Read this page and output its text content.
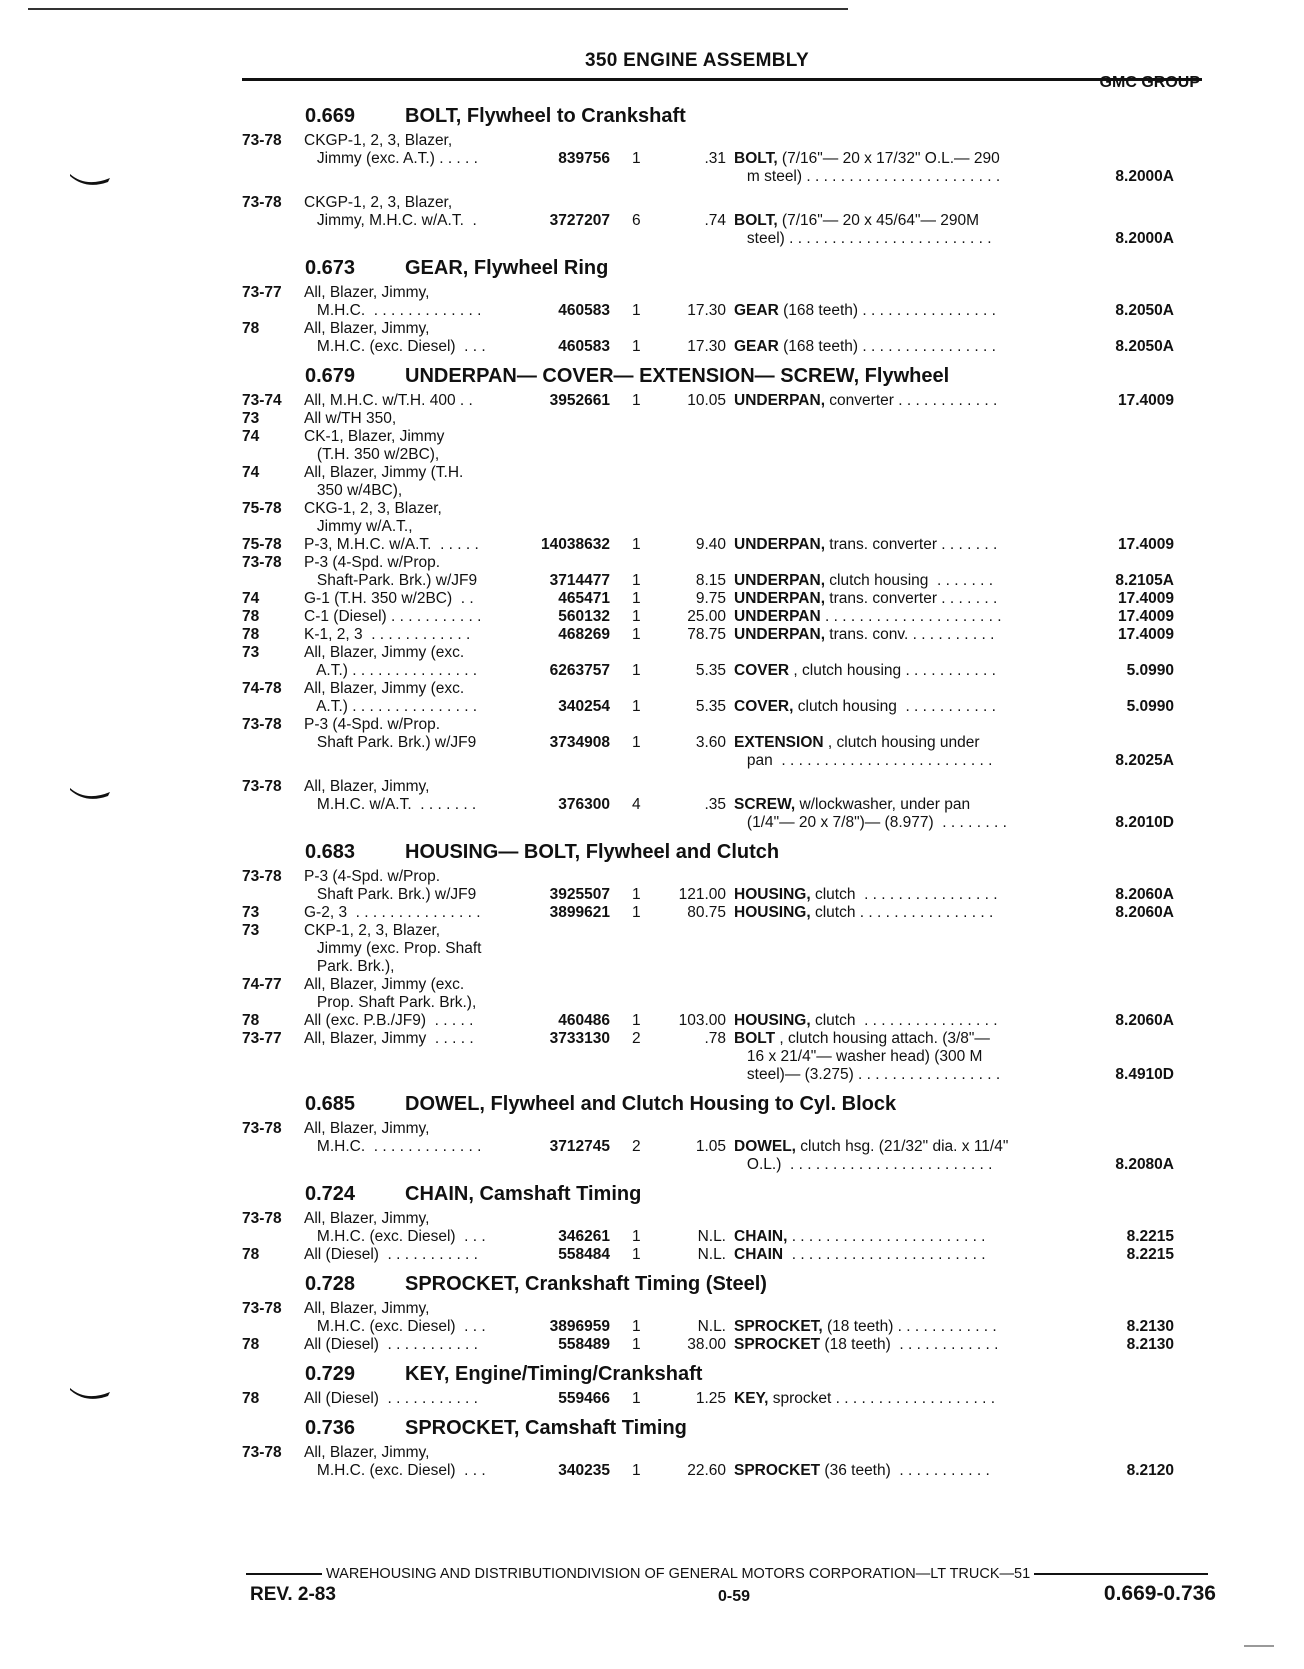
350 ENGINE ASSEMBLY
GMC GROUP
0.669	BOLT, Flywheel to Crankshaft
73-78	CKGP-1, 2, 3, Blazer,
Jimmy (exc. A.T.) . . . . .	839756	1	.31 BOLT, (7/16"— 20 x 17/32" O.L.— 290
m steel) . . . . . . . . . . . . . . . . . . . . . . .	8.2000A
73-78	CKGP-1, 2, 3, Blazer,
Jimmy, M.H.C. w/A.T.  .	3727207	6	.74 BOLT, (7/16"— 20 x 45/64"— 290M
steel) . . . . . . . . . . . . . . . . . . . . . . . .	8.2000A
0.673	GEAR, Flywheel Ring
73-77	All, Blazer, Jimmy,
M.H.C.  . . . . . . . . . . . . .	460583	1	17.30 GEAR (168 teeth) . . . . . . . . . . . . . . . .	8.2050A
78	All, Blazer, Jimmy,
M.H.C. (exc. Diesel)  . . .	460583	1	17.30 GEAR (168 teeth) . . . . . . . . . . . . . . . .	8.2050A
0.679	UNDERPAN— COVER— EXTENSION— SCREW, Flywheel
73-74	All, M.H.C. w/T.H. 400 . .	3952661	1	10.05 UNDERPAN, converter . . . . . . . . . . . .	17.4009
73	All w/TH 350,
74	CK-1, Blazer, Jimmy
(T.H. 350 w/2BC),
74	All, Blazer, Jimmy (T.H.
350 w/4BC),
75-78	CKG-1, 2, 3, Blazer,
Jimmy w/A.T.,
75-78	P-3, M.H.C. w/A.T.  . . . . .	14038632	1	9.40 UNDERPAN, trans. converter . . . . . . .	17.4009
73-78	P-3 (4-Spd. w/Prop.
Shaft-Park. Brk.) w/JF9	3714477	1	8.15 UNDERPAN, clutch housing  . . . . . . .	8.2105A
74	G-1 (T.H. 350 w/2BC)  . .	465471	1	9.75 UNDERPAN, trans. converter . . . . . . .	17.4009
78	C-1 (Diesel) . . . . . . . . . . .	560132	1	25.00 UNDERPAN . . . . . . . . . . . . . . . . . . . . .	17.4009
78	K-1, 2, 3  . . . . . . . . . . . .	468269	1	78.75 UNDERPAN, trans. conv. . . . . . . . . . .	17.4009
73	All, Blazer, Jimmy (exc.
A.T.) . . . . . . . . . . . . . . .	6263757	1	5.35 COVER , clutch housing . . . . . . . . . . .	5.0990
74-78	All, Blazer, Jimmy (exc.
A.T.) . . . . . . . . . . . . . . .	340254	1	5.35 COVER, clutch housing  . . . . . . . . . . .	5.0990
73-78	P-3 (4-Spd. w/Prop.
Shaft Park. Brk.) w/JF9	3734908	1	3.60 EXTENSION , clutch housing under
pan  . . . . . . . . . . . . . . . . . . . . . . . . .	8.2025A
73-78	All, Blazer, Jimmy,
M.H.C. w/A.T.  . . . . . . .	376300	4	.35 SCREW, w/lockwasher, under pan
(1/4"— 20 x 7/8")— (8.977)  . . . . . . . .	8.2010D
0.683	HOUSING— BOLT, Flywheel and Clutch
73-78	P-3 (4-Spd. w/Prop.
Shaft Park. Brk.) w/JF9	3925507	1	121.00 HOUSING, clutch  . . . . . . . . . . . . . . . .	8.2060A
73	G-2, 3  . . . . . . . . . . . . . . .	3899621	1	80.75 HOUSING, clutch . . . . . . . . . . . . . . . .	8.2060A
73	CKP-1, 2, 3, Blazer,
Jimmy (exc. Prop. Shaft
Park. Brk.),
74-77	All, Blazer, Jimmy (exc.
Prop. Shaft Park. Brk.),
78	All (exc. P.B./JF9)  . . . . .	460486	1	103.00 HOUSING, clutch  . . . . . . . . . . . . . . . .	8.2060A
73-77	All, Blazer, Jimmy  . . . . .	3733130	2	.78 BOLT , clutch housing attach. (3/8"—
16 x 21/4"— washer head) (300 M
steel)— (3.275) . . . . . . . . . . . . . . . . .	8.4910D
0.685	DOWEL, Flywheel and Clutch Housing to Cyl. Block
73-78	All, Blazer, Jimmy,
M.H.C.  . . . . . . . . . . . . .	3712745	2	1.05 DOWEL, clutch hsg. (21/32" dia. x 11/4"
O.L.)  . . . . . . . . . . . . . . . . . . . . . . . .	8.2080A
0.724	CHAIN, Camshaft Timing
73-78	All, Blazer, Jimmy,
M.H.C. (exc. Diesel)  . . .	346261	1	N.L. CHAIN, . . . . . . . . . . . . . . . . . . . . . . .	8.2215
78	All (Diesel)  . . . . . . . . . . .	558484	1	N.L. CHAIN  . . . . . . . . . . . . . . . . . . . . . . .	8.2215
0.728	SPROCKET, Crankshaft Timing (Steel)
73-78	All, Blazer, Jimmy,
M.H.C. (exc. Diesel)  . . .	3896959	1	N.L. SPROCKET, (18 teeth) . . . . . . . . . . . .	8.2130
78	All (Diesel)  . . . . . . . . . . .	558489	1	38.00 SPROCKET (18 teeth)  . . . . . . . . . . . .	8.2130
0.729	KEY, Engine/Timing/Crankshaft
78	All (Diesel)  . . . . . . . . . . .	559466	1	1.25 KEY, sprocket . . . . . . . . . . . . . . . . . . .
0.736	SPROCKET, Camshaft Timing
73-78	All, Blazer, Jimmy,
M.H.C. (exc. Diesel)  . . .	340235	1	22.60 SPROCKET (36 teeth)  . . . . . . . . . . .	8.2120
WAREHOUSING AND DISTRIBUTIONDIVISION OF GENERAL MOTORS CORPORATION—LT TRUCK—51
REV. 2-83	0-59	0.669-0.736
